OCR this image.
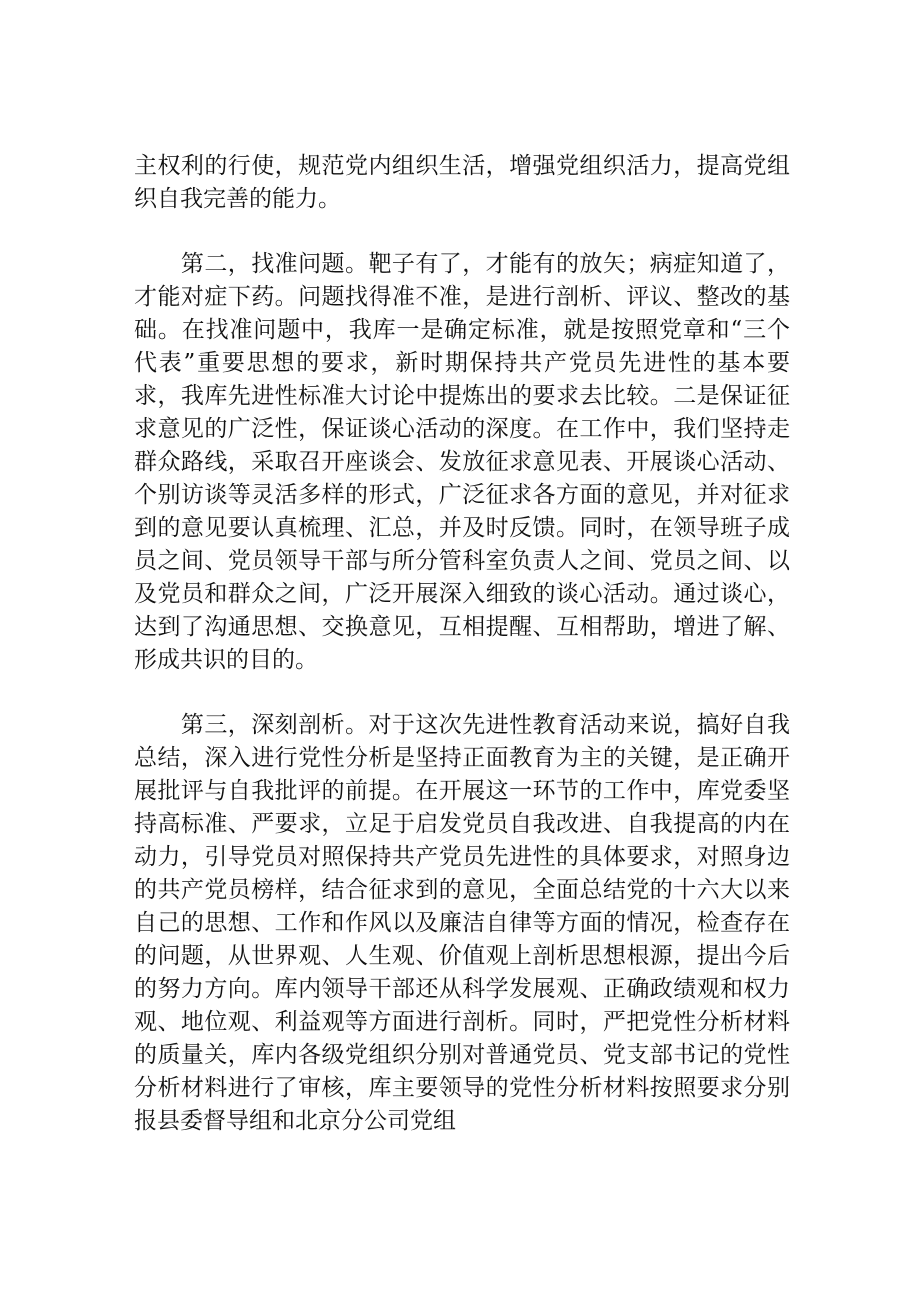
主权利的行使，规范党内组织生活，增强党组织活力，提高党组
织自我完善的能力。
　　第二，找准问题。靶子有了，才能有的放矢；病症知道了，
才能对症下药。问题找得准不准，是进行剖析、评议、整改的基
础。在找准问题中，我库一是确定标准，就是按照党章和“三个
代表”重要思想的要求，新时期保持共产党员先进性的基本要
求，我库先进性标准大讨论中提炼出的要求去比较。二是保证征
求意见的广泛性，保证谈心活动的深度。在工作中，我们坚持走
群众路线，采取召开座谈会、发放征求意见表、开展谈心活动、
个别访谈等灵活多样的形式，广泛征求各方面的意见，并对征求
到的意见要认真梳理、汇总，并及时反馈。同时，在领导班子成
员之间、党员领导干部与所分管科室负责人之间、党员之间、以
及党员和群众之间，广泛开展深入细致的谈心活动。通过谈心，
达到了沟通思想、交换意见，互相提醒、互相帮助，增进了解、
形成共识的目的。
　　第三，深刻剖析。对于这次先进性教育活动来说，搞好自我
总结，深入进行党性分析是坚持正面教育为主的关键，是正确开
展批评与自我批评的前提。在开展这一环节的工作中，库党委坚
持高标准、严要求，立足于启发党员自我改进、自我提高的内在
动力，引导党员对照保持共产党员先进性的具体要求，对照身边
的共产党员榜样，结合征求到的意见，全面总结党的十六大以来
自己的思想、工作和作风以及廉洁自律等方面的情况，检查存在
的问题，从世界观、人生观、价值观上剖析思想根源，提出今后
的努力方向。库内领导干部还从科学发展观、正确政绩观和权力
观、地位观、利益观等方面进行剖析。同时，严把党性分析材料
的质量关，库内各级党组织分别对普通党员、党支部书记的党性
分析材料进行了审核，库主要领导的党性分析材料按照要求分别
报县委督导组和北京分公司党组
